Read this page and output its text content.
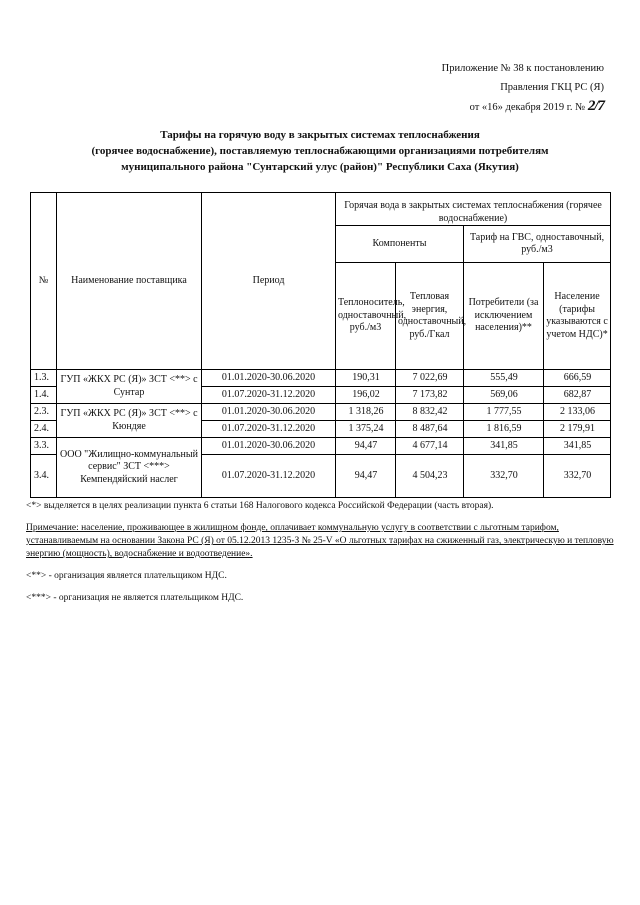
Приложение № 38 к постановлению
Правления ГКЦ РС (Я)
от «16» декабря 2019 г. № 2/7
Тарифы на горячую воду в закрытых системах теплоснабжения
(горячее водоснабжение), поставляемую теплоснабжающими организациями потребителям
муниципального района "Сунтарский улус (район)" Республики Саха (Якутия)
№	Наименование поставщика	Период	Горячая вода в закрытых системах теплоснабжения (горячее водоснабжение)			
			Компоненты		Тариф на ГВС, одноставочный, руб./м3	
			Теплоноситель, одноставочный, руб./м3	Тепловая энергия, одноставочный, руб./Гкал	Потребители (за исключением населения)**	Население (тарифы указываются с учетом НДС)*
1.3.	ГУП «ЖКХ РС (Я)» ЗСТ <**> с Сунтар	01.01.2020-30.06.2020	190,31	7 022,69	555,49	666,59
1.4.		01.07.2020-31.12.2020	196,02	7 173,82	569,06	682,87
2.3.	ГУП «ЖКХ РС (Я)» ЗСТ <**> с Кюндяе	01.01.2020-30.06.2020	1 318,26	8 832,42	1 777,55	2 133,06
2.4.		01.07.2020-31.12.2020	1 375,24	8 487,64	1 816,59	2 179,91
3.3.	ООО "Жилищно-коммунальный сервис" ЗСТ <***> Кемпендяйский наслег	01.01.2020-30.06.2020	94,47	4 677,14	341,85	341,85
3.4.		01.07.2020-31.12.2020	94,47	4 504,23	332,70	332,70

<*> выделяется в целях реализации пункта 6 статьи 168 Налогового кодекса Российской Федерации (часть вторая).

Примечание: население, проживающее в жилищном фонде, оплачивает коммунальную услугу в соответствии с льготным тарифом, устанавливаемым на основании Закона РС (Я) от 05.12.2013 1235-З № 25-V «О льготных тарифах на сжиженный газ, электрическую и тепловую энергию (мощность), водоснабжение и водоотведение».

<**> - организация является плательщиком НДС.

<***> - организация не является плательщиком НДС.
